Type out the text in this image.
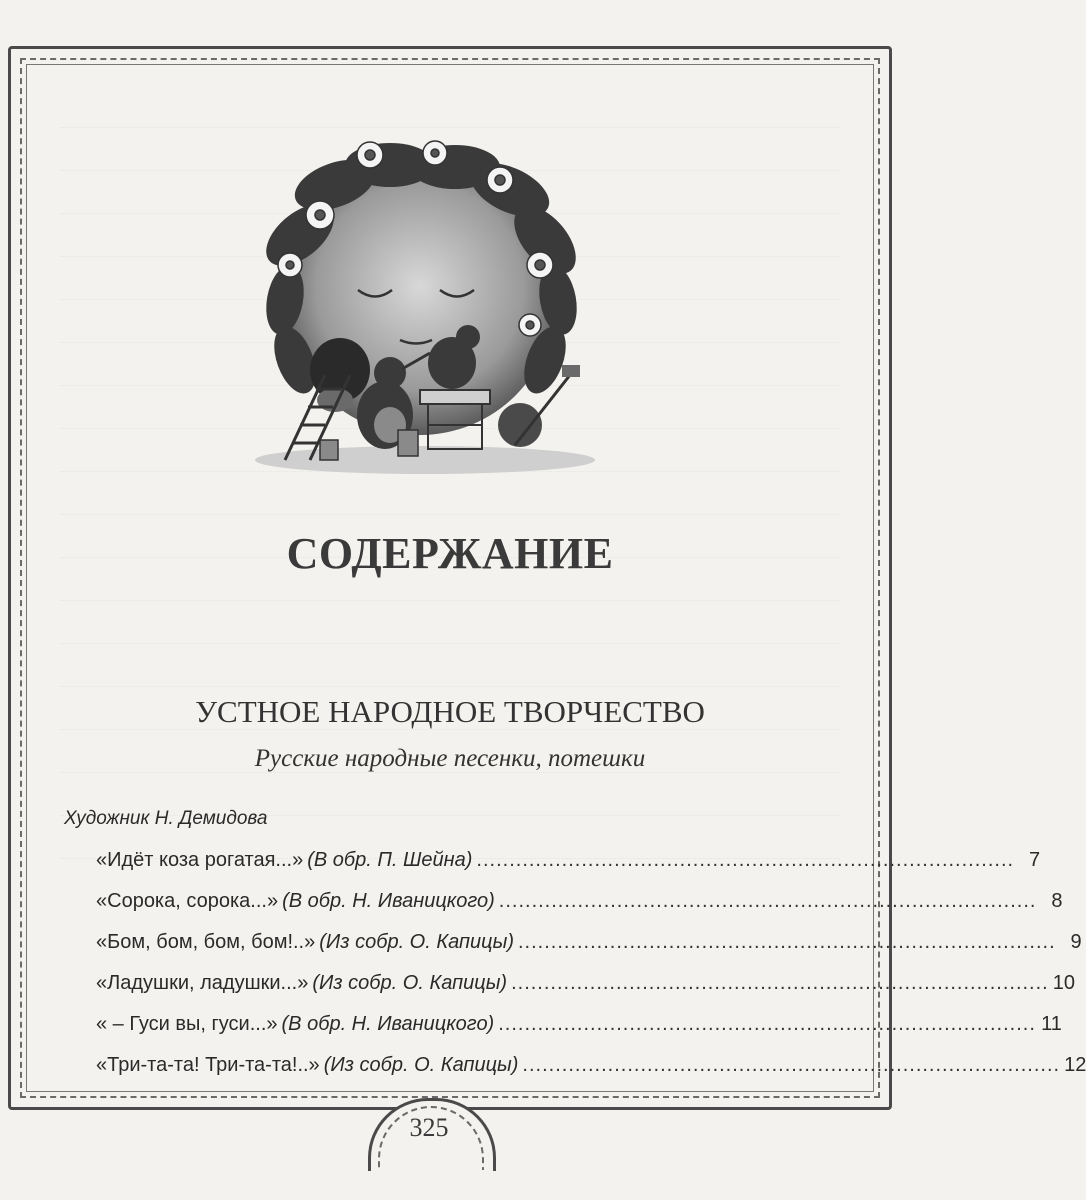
СОДЕРЖАНИЕ
УСТНОЕ НАРОДНОЕ ТВОРЧЕСТВО
Русские народные песенки, потешки
Художник Н. Демидова
«Идёт коза рогатая...» (В обр. П. Шейна) .................................................................................. 7
«Сорока, сорока...» (В обр. Н. Иваницкого) .................................................................................. 8
«Бом, бом, бом, бом!..» (Из собр. О. Капицы) .................................................................................. 9
«Ладушки, ладушки...» (Из собр. О. Капицы) .................................................................................. 10
« – Гуси вы, гуси...» (В обр. Н. Иваницкого) .................................................................................. 11
«Три-та-та! Три-та-та!..» (Из собр. О. Капицы) .................................................................................. 12
325
